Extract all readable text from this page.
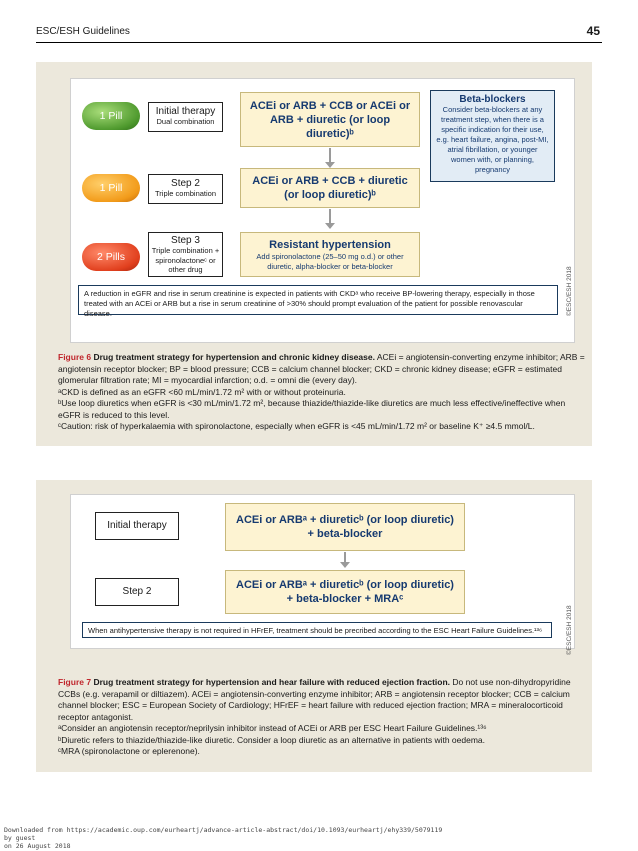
ESC/ESH Guidelines	45
1 Pill	Initial therapy
Dual combination
ACEi or ARB + CCB or ACEi or ARB + diuretic (or loop diuretic)ᵇ
Beta-blockers
Consider beta-blockers at any treatment step, when there is a specific indication for their use, e.g. heart failure, angina, post-MI, atrial fibrillation, or younger women with, or planning, pregnancy
1 Pill	Step 2
Triple combination
ACEi or ARB + CCB + diuretic (or loop diuretic)ᵇ
2 Pills
Step 3
Triple combination + spironolactoneᶜ or other drug
Resistant hypertension
Add spironolactone (25–50 mg o.d.) or other diuretic, alpha-blocker or beta-blocker
A reduction in eGFR and rise in serum creatinine is expected in patients with CKDᵃ who receive BP-lowering therapy, especially in those treated with an ACEi or ARB but a rise in serum creatinine of >30% should prompt evaluation of the patient for possible renovascular disease.	©ESC/ESH 2018
Figure 6 Drug treatment strategy for hypertension and chronic kidney disease. ACEi = angiotensin-converting enzyme inhibitor; ARB = angiotensin receptor blocker; BP = blood pressure; CCB = calcium channel blocker; CKD = chronic kidney disease; eGFR = estimated glomerular filtration rate; MI = myocardial infarction; o.d. = omni die (every day).
ᵃCKD is defined as an eGFR <60 mL/min/1.72 m² with or without proteinuria.
ᵇUse loop diuretics when eGFR is <30 mL/min/1.72 m², because thiazide/thiazide-like diuretics are much less effective/ineffective when eGFR is reduced to this level.
ᶜCaution: risk of hyperkalaemia with spironolactone, especially when eGFR is <45 mL/min/1.72 m² or baseline K⁺ ≥4.5 mmol/L.
Initial therapy	ACEi or ARBᵃ + diureticᵇ (or loop diuretic) + beta-blocker
Step 2
ACEi or ARBᵃ + diureticᵇ (or loop diuretic) + beta-blocker + MRAᶜ
When antihypertensive therapy is not required in HFrEF, treatment should be precribed according to the ESC Heart Failure Guidelines.¹³⁶	©ESC/ESH 2018
Figure 7 Drug treatment strategy for hypertension and hear failure with reduced ejection fraction. Do not use non-dihydropyridine CCBs (e.g. verapamil or diltiazem). ACEi = angiotensin-converting enzyme inhibitor; ARB = angiotensin receptor blocker; CCB = calcium channel blocker; ESC = European Society of Cardiology; HFrEF = heart failure with reduced ejection fraction; MRA = mineralocorticoid receptor antagonist.
ᵃConsider an angiotensin receptor/neprilysin inhibitor instead of ACEi or ARB per ESC Heart Failure Guidelines.¹³⁶
ᵇDiuretic refers to thiazide/thiazide-like diuretic. Consider a loop diuretic as an alternative in patients with oedema.
ᶜMRA (spironolactone or eplerenone).
Downloaded from https://academic.oup.com/eurheartj/advance-article-abstract/doi/10.1093/eurheartj/ehy339/5079119
by guest
on 26 August 2018
